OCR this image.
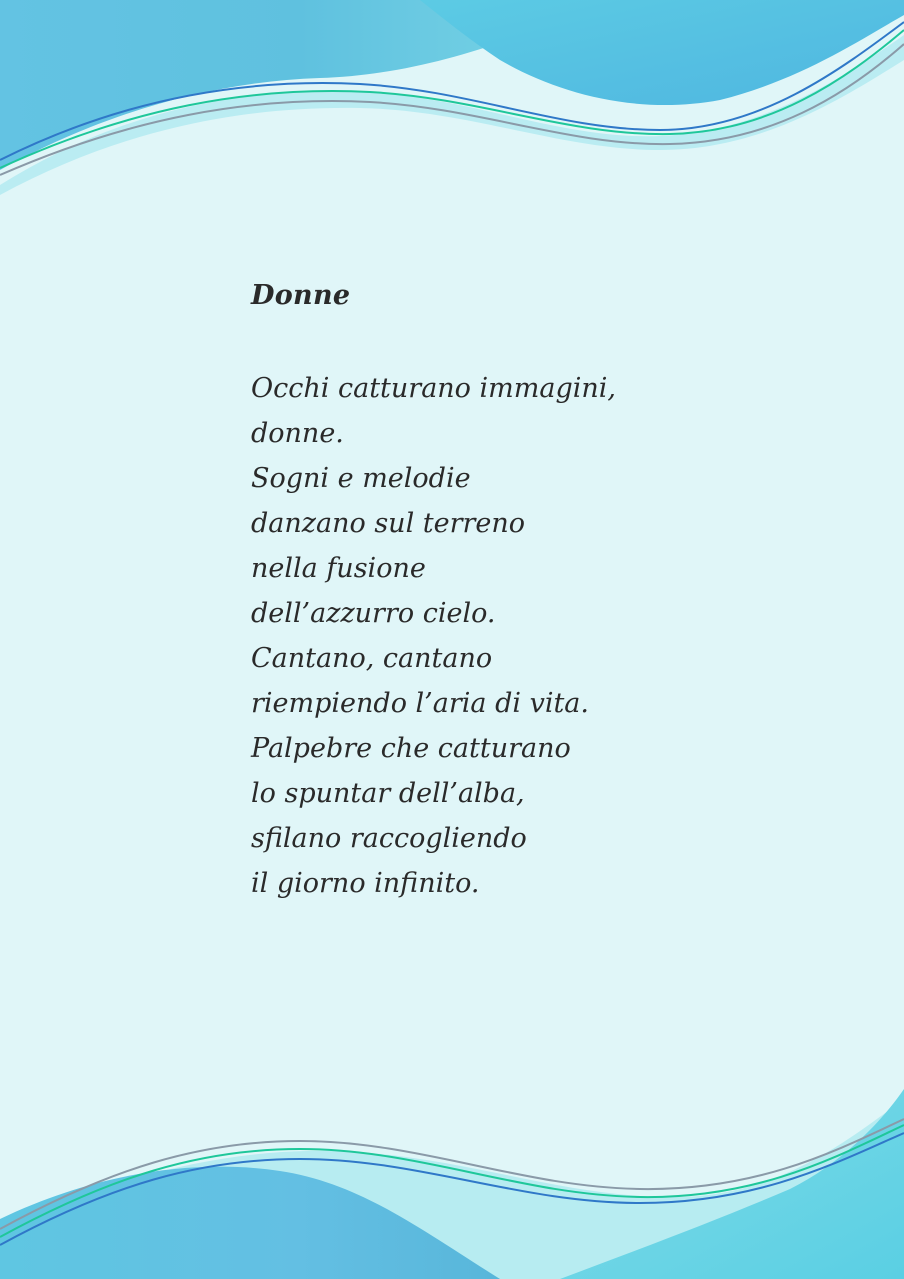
Donne
Occhi catturano immagini,
donne.
Sogni e melodie
danzano sul terreno
nella fusione
dell’azzurro cielo.
Cantano, cantano
riempiendo l’aria di vita.
Palpebre che catturano
lo spuntar dell’alba,
sfilano raccogliendo
il giorno infinito.
